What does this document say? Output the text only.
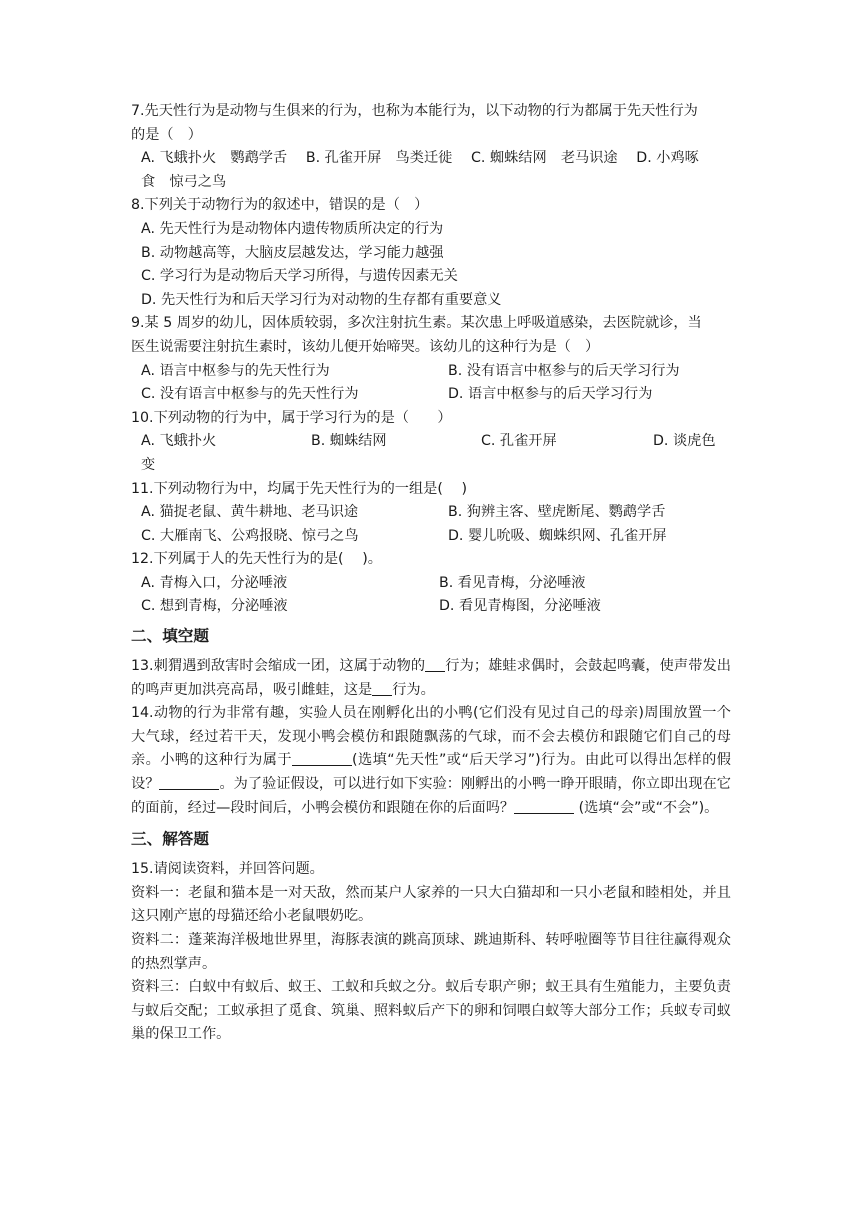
7.先天性行为是动物与生俱来的行为，也称为本能行为，以下动物的行为都属于先天性行为
的是（　）
A. 飞蛾扑火　鹦鹉学舌　 B. 孔雀开屏　鸟类迁徙　 C. 蜘蛛结网　老马识途　 D. 小鸡啄
食　惊弓之鸟
8.下列关于动物行为的叙述中，错误的是（　）
A. 先天性行为是动物体内遗传物质所决定的行为
B. 动物越高等，大脑皮层越发达，学习能力越强
C. 学习行为是动物后天学习所得，与遗传因素无关
D. 先天性行为和后天学习行为对动物的生存都有重要意义
9.某 5 周岁的幼儿，因体质较弱，多次注射抗生素。某次患上呼吸道感染，去医院就诊，当
医生说需要注射抗生素时，该幼儿便开始啼哭。该幼儿的这种行为是（　）
A. 语言中枢参与的先天性行为	B. 没有语言中枢参与的后天学习行为
C. 没有语言中枢参与的先天性行为	D. 语言中枢参与的后天学习行为
10.下列动物的行为中，属于学习行为的是（　　）
A. 飞蛾扑火	B. 蜘蛛结网	C. 孔雀开屏	D. 谈虎色
变
11.下列动物行为中，均属于先天性行为的一组是(　 )
A. 猫捉老鼠、黄牛耕地、老马识途	B. 狗辨主客、壁虎断尾、鹦鹉学舌
C. 大雁南飞、公鸡报晓、惊弓之鸟	D. 婴儿吮吸、蜘蛛织网、孔雀开屏
12.下列属于人的先天性行为的是(　 )。
A. 青梅入口，分泌唾液	B. 看见青梅，分泌唾液
C. 想到青梅，分泌唾液	D. 看见青梅图，分泌唾液
二、填空题
13.刺猬遇到敌害时会缩成一团，这属于动物的 行为；雄蛙求偶时，会鼓起鸣囊，使声带发出的鸣声更加洪亮高昂，吸引雌蛙，这是 行为。
14.动物的行为非常有趣，实验人员在刚孵化出的小鸭(它们没有见过自己的母亲)周围放置一个大气球，经过若干天，发现小鸭会模仿和跟随飘荡的气球，而不会去模仿和跟随它们自己的母亲。小鸭的这种行为属于	(选填“先天性”或“后天学习”)行为。由此可以得出怎样的假设？	。为了验证假设，可以进行如下实验：刚孵出的小鸭一睁开眼睛，你立即出现在它的面前，经过—段时间后，小鸭会模仿和跟随在你的后面吗？	(选填“会”或“不会”)。
三、解答题
15.请阅读资料，并回答问题。
资料一：老鼠和猫本是一对天敌，然而某户人家养的一只大白猫却和一只小老鼠和睦相处，并且这只刚产崽的母猫还给小老鼠喂奶吃。
资料二：蓬莱海洋极地世界里，海豚表演的跳高顶球、跳迪斯科、转呼啦圈等节目往往赢得观众的热烈掌声。
资料三：白蚁中有蚁后、蚁王、工蚁和兵蚁之分。蚁后专职产卵；蚁王具有生殖能力，主要负责与蚁后交配；工蚁承担了觅食、筑巢、照料蚁后产下的卵和饲喂白蚁等大部分工作；兵蚁专司蚁巢的保卫工作。
